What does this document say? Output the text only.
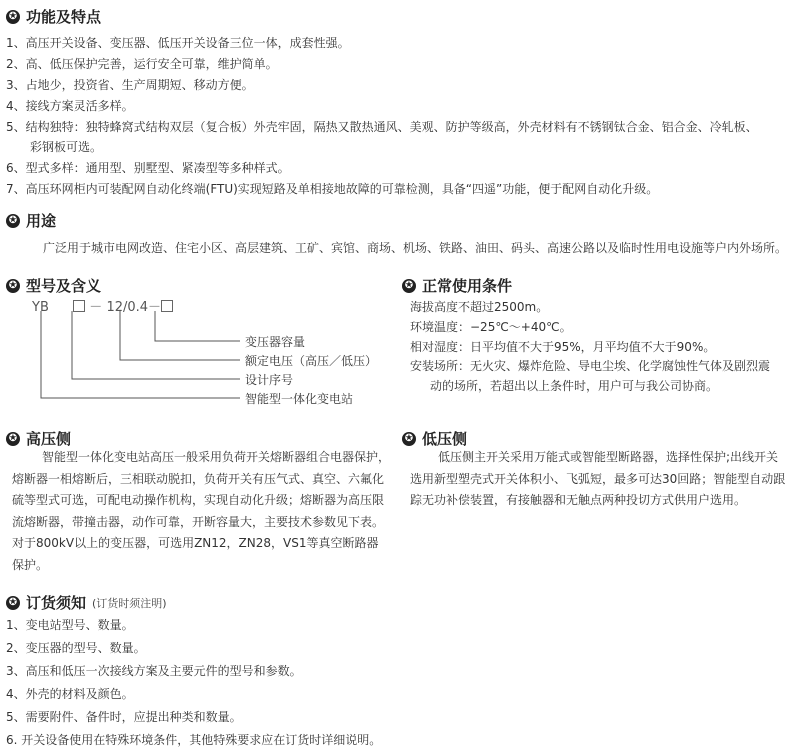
✪ 功能及特点
1、高压开关设备、变压器、低压开关设备三位一体，成套性强。
2、高、低压保护完善，运行安全可靠，维护简单。
3、占地少，投资省、生产周期短、移动方便。
4、接线方案灵活多样。
5、结构独特：独特蜂窝式结构双层（复合板）外壳牢固，隔热又散热通风、美观、防护等级高，外壳材料有不锈钢钛合金、铝合金、冷轧板、
彩钢板可选。
6、型式多样：通用型、别墅型、紧凑型等多种样式。
7、高压环网柜内可装配网自动化终端(FTU)实现短路及单相接地故障的可靠检测，具备“四遥”功能，便于配网自动化升级。
✪ 用途
广泛用于城市电网改造、住宅小区、高层建筑、工矿、宾馆、商场、机场、铁路、油田、码头、高速公路以及临时性用电设施等户内外场所。
✪ 型号及含义
YB	－ 12/0.4－
变压器容量
额定电压（高压／低压）
设计序号
智能型一体化变电站
✪ 正常使用条件
海拔高度不超过2500m。
环境温度：−25℃～+40℃。
相对湿度：日平均值不大于95%，月平均值不大于90%。
安装场所：无火灾、爆炸危险、导电尘埃、化学腐蚀性气体及剧烈震
动的场所，若超出以上条件时，用户可与我公司协商。
✪ 高压侧
智能型一体化变电站高压一般采用负荷开关熔断器组合电器保护，熔断器一相熔断后，三相联动脱扣，负荷开关有压气式、真空、六氟化硫等型式可选，可配电动操作机构，实现自动化升级；熔断器为高压限流熔断器，带撞击器，动作可靠，开断容量大，主要技术参数见下表。对于800kV以上的变压器，可选用ZN12，ZN28，VS1等真空断路器保护。
✪ 低压侧
低压侧主开关采用万能式或智能型断路器，选择性保护;出线开关选用新型塑壳式开关体积小、飞弧短，最多可达30回路；智能型自动跟踪无功补偿装置，有接触器和无触点两种投切方式供用户选用。
✪ 订货须知 (订货时须注明)
1、变电站型号、数量。
2、变压器的型号、数量。
3、高压和低压一次接线方案及主要元件的型号和参数。
4、外壳的材料及颜色。
5、需要附件、备件时，应提出种类和数量。
6. 开关设备使用在特殊环境条件，其他特殊要求应在订货时详细说明。
